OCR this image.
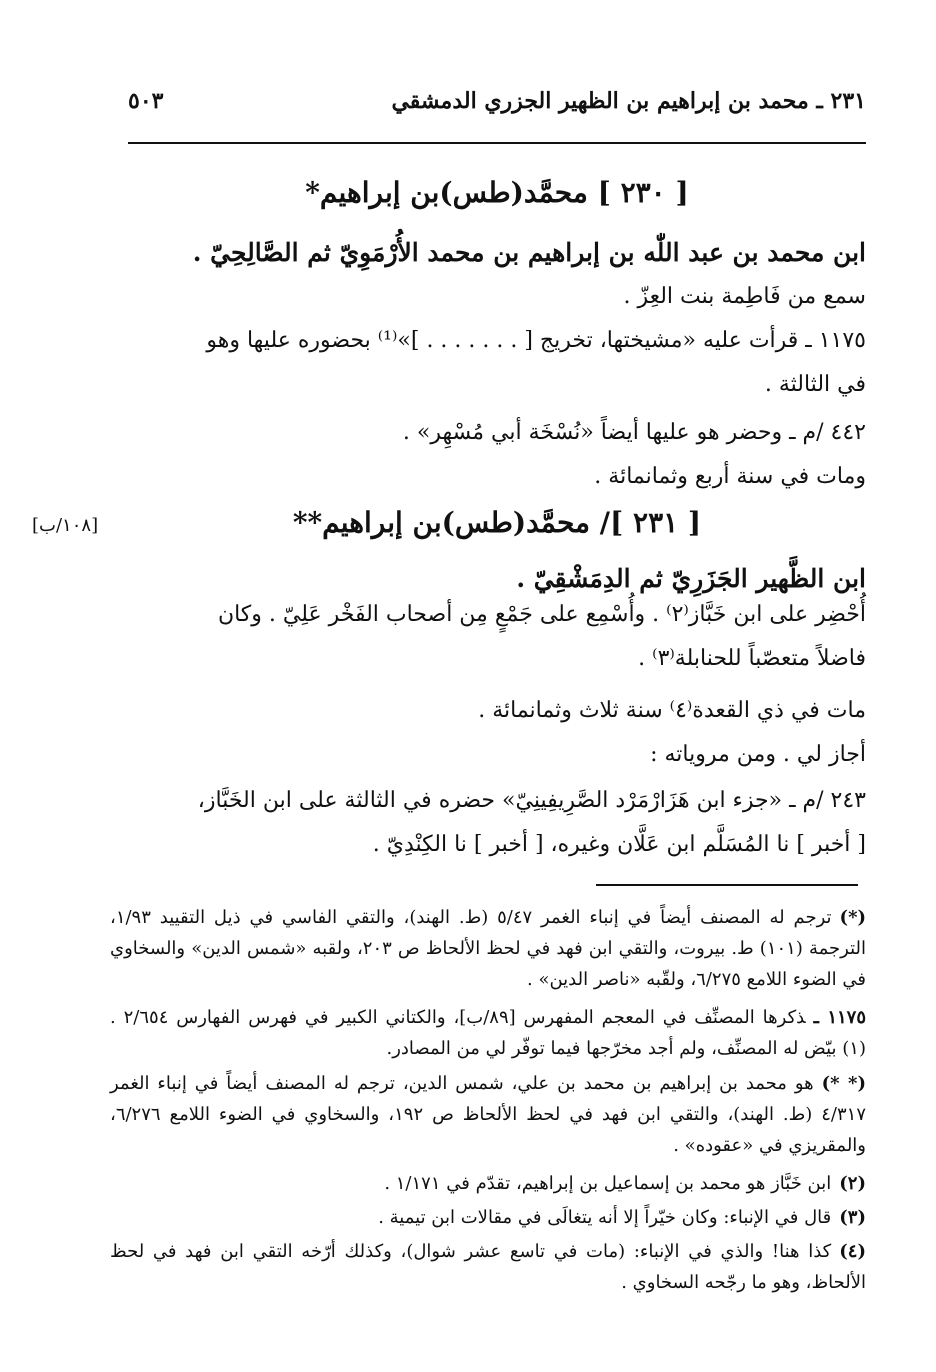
٢٣١ ـ محمد بن إبراهيم بن الظهير الجزري الدمشقي
٥٠٣
[ ٢٣٠ ] محمَّد(طس)بن إبراهيم*
ابن محمد بن عبد اللّٰه بن إبراهيم بن محمد الأُرْمَوِيّ ثم الصَّالِحِيّ .
سمع من فَاطِمة بنت العِزّ .
١١٧٥ ـ قرأت عليه «مشيختها، تخريج [ . . . . . . . ]»⁽¹⁾ بحضوره عليها وهو
في الثالثة .
٤٤٢ /م ـ وحضر هو عليها أيضاً «نُسْخَة أبي مُسْهِر» .
ومات في سنة أربع وثمانمائة .
[١٠٨/ب]	[ ٢٣١ ]/ محمَّد(طس)بن إبراهيم**
ابن الظَّهير الجَزَرِيّ ثم الدِمَشْقِيّ .
أُحْضِر على ابن خَبَّاز⁽٢⁾ . وأُسْمِع على جَمْعٍ مِن أصحاب الفَخْر عَلِيّ . وكان
فاضلاً متعصّباً للحنابلة⁽٣⁾ .
مات في ذي القعدة⁽٤⁾ سنة ثلاث وثمانمائة .
أجاز لي . ومن مروياته :
٢٤٣ /م ـ «جزء ابن هَزَارْمَرْد الصَّرِيفِينِيّ» حضره في الثالثة على ابن الخَبَّاز،
[ أخبر ] نا المُسَلَّم ابن عَلَّان وغيره، [ أخبر ] نا الكِنْدِيّ .
(*)ترجم له المصنف أيضاً في إنباء الغمر ٥/٤٧ (ط. الهند)، والتقي الفاسي في ذيل التقييد ١/٩٣، الترجمة (١٠١) ط. بيروت، والتقي ابن فهد في لحظ الألحاظ ص ٢٠٣، ولقبه «شمس الدين» والسخاوي في الضوء اللامع ٦/٢٧٥، ولقّبه «ناصر الدين» .
١١٧٥ ـذكرها المصنِّف في المعجم المفهرس [٨٩/ب]، والكتاني الكبير في فهرس الفهارس ٢/٦٥٤ . (١) بيّض له المصنِّف، ولم أجد مخرّجها فيما توفّر لي من المصادر.
(* *)هو محمد بن إبراهيم بن محمد بن علي، شمس الدين، ترجم له المصنف أيضاً في إنباء الغمر ٤/٣١٧ (ط. الهند)، والتقي ابن فهد في لحظ الألحاظ ص ١٩٢، والسخاوي في الضوء اللامع ٦/٢٧٦، والمقريزي في «عقوده» .
(٢)ابن خَبَّاز هو محمد بن إسماعيل بن إبراهيم، تقدّم في ١/١٧١ .
(٣)قال في الإنباء: وكان خيّراً إلا أنه يتغالَى في مقالات ابن تيمية .
(٤)كذا هنا! والذي في الإنباء: (مات في تاسع عشر شوال)، وكذلك أرّخه التقي ابن فهد في لحظ الألحاظ، وهو ما رجّحه السخاوي .
